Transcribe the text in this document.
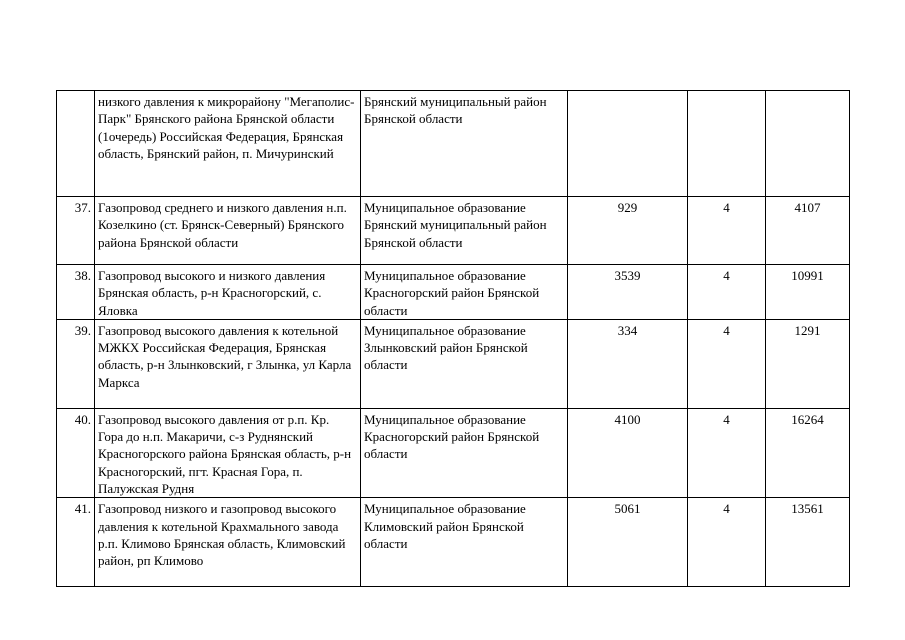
	низкого давления к микрорайону "Мегаполис-Парк" Брянского района Брянской области (1очередь) Российская Федерация, Брянская область, Брянский район, п. Мичуринский	Брянский муниципальный район Брянской области			
37.	Газопровод среднего и низкого давления н.п. Козелкино (ст. Брянск-Северный) Брянского района Брянской области	Муниципальное образование Брянский муниципальный район Брянской области	929	4	4107
38.	Газопровод высокого и низкого давления Брянская область, р-н Красногорский, с. Яловка	Муниципальное образование Красногорский район Брянской области	3539	4	10991
39.	Газопровод высокого давления к котельной МЖКХ Российская Федерация, Брянская область, р-н Злынковский, г Злынка, ул Карла Маркса	Муниципальное образование Злынковский район Брянской области	334	4	1291
40.	Газопровод высокого давления от р.п. Кр. Гора до н.п. Макаричи, с-з Руднянский Красногорского района Брянская область, р-н Красногорский, пгт. Красная Гора, п. Палужская Рудня	Муниципальное образование Красногорский район Брянской области	4100	4	16264
41.	Газопровод низкого и газопровод высокого давления к котельной Крахмального завода р.п. Климово Брянская область, Климовский район, рп Климово	Муниципальное образование Климовский район Брянской области	5061	4	13561
